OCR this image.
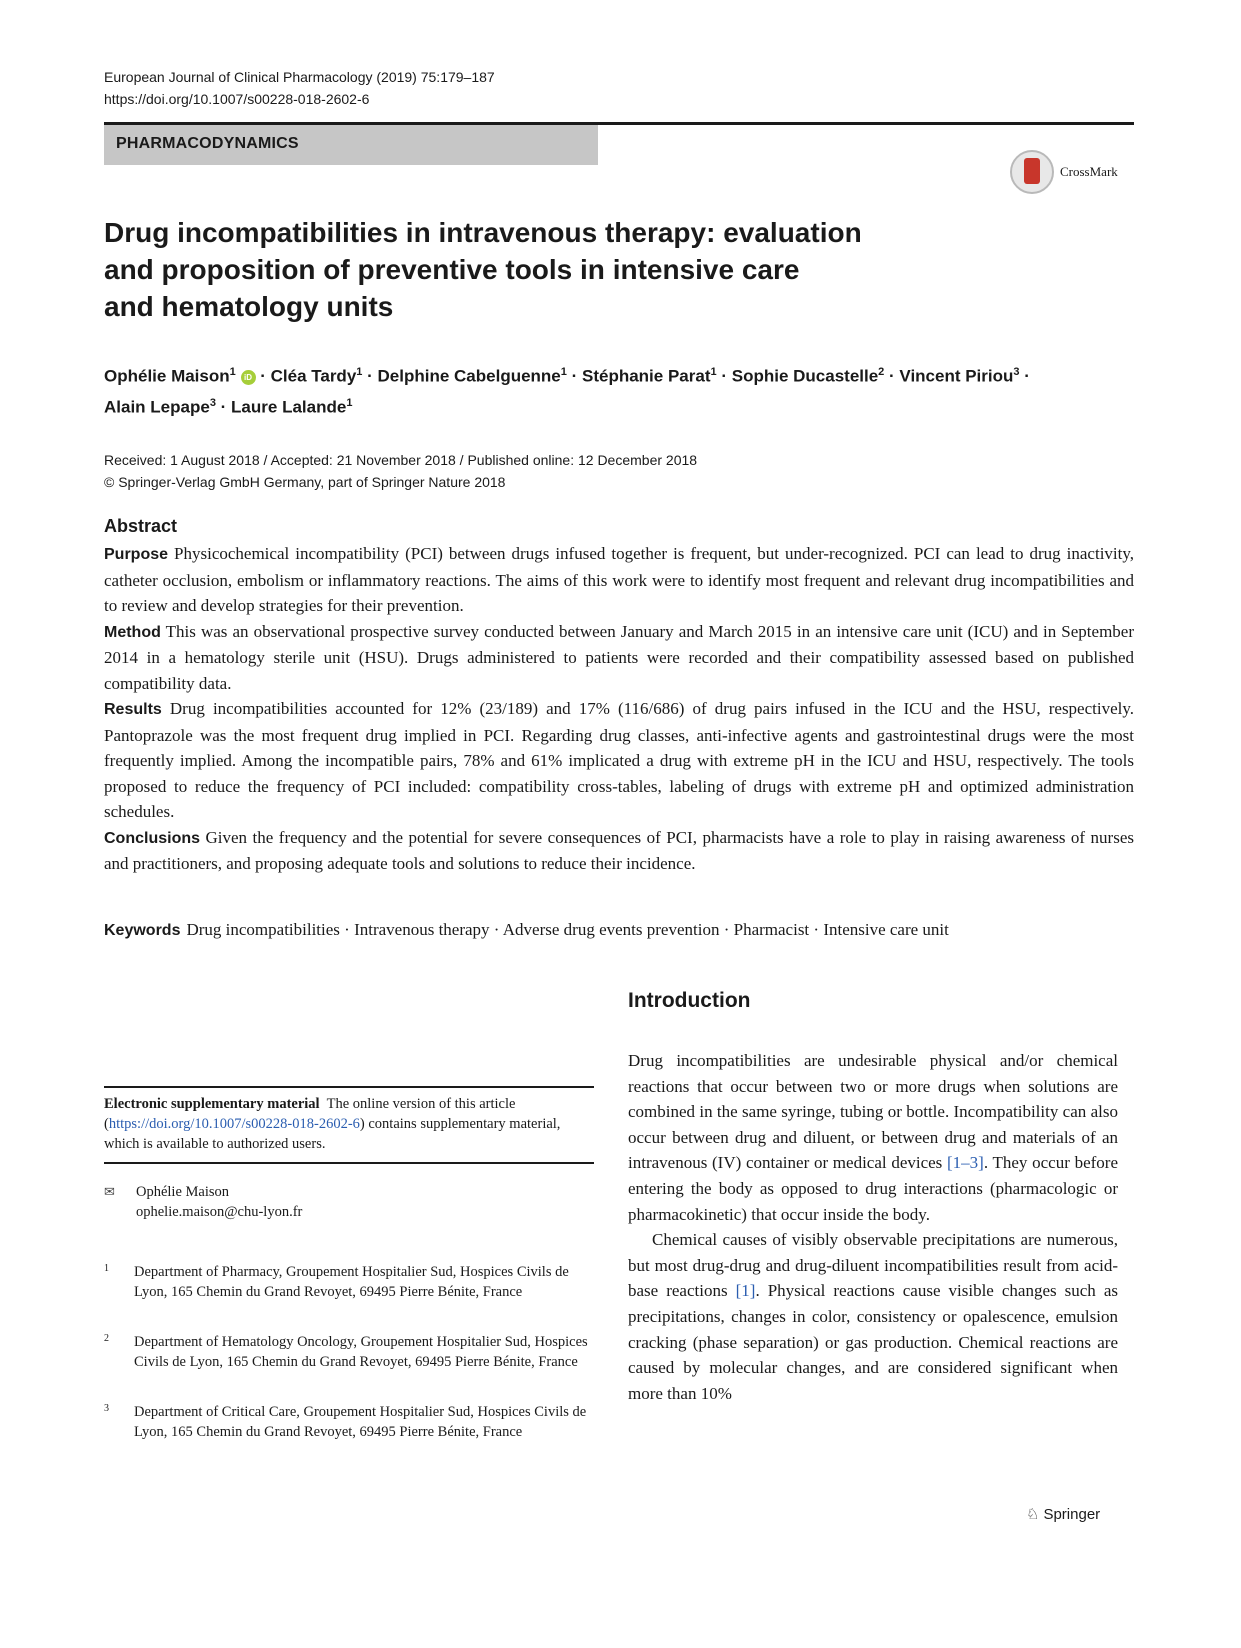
European Journal of Clinical Pharmacology (2019) 75:179–187
https://doi.org/10.1007/s00228-018-2602-6
PHARMACODYNAMICS
CrossMark
Drug incompatibilities in intravenous therapy: evaluation
and proposition of preventive tools in intensive care
and hematology units
Ophélie Maison$^1$ iD · Cléa Tardy$^1$ · Delphine Cabelguenne$^1$ · Stéphanie Parat$^1$ · Sophie Ducastelle$^2$ · Vincent Piriou$^3$ ·
Alain Lepape$^3$ · Laure Lalande$^1$
Received: 1 August 2018 / Accepted: 21 November 2018 / Published online: 12 December 2018
© Springer-Verlag GmbH Germany, part of Springer Nature 2018
Abstract

Purpose Physicochemical incompatibility (PCI) between drugs infused together is frequent, but under-recognized. PCI can lead to drug inactivity, catheter occlusion, embolism or inflammatory reactions. The aims of this work were to identify most frequent and relevant drug incompatibilities and to review and develop strategies for their prevention.

Method This was an observational prospective survey conducted between January and March 2015 in an intensive care unit (ICU) and in September 2014 in a hematology sterile unit (HSU). Drugs administered to patients were recorded and their compatibility assessed based on published compatibility data.

Results Drug incompatibilities accounted for 12% (23/189) and 17% (116/686) of drug pairs infused in the ICU and the HSU, respectively. Pantoprazole was the most frequent drug implied in PCI. Regarding drug classes, anti-infective agents and gastrointestinal drugs were the most frequently implied. Among the incompatible pairs, 78% and 61% implicated a drug with extreme pH in the ICU and HSU, respectively. The tools proposed to reduce the frequency of PCI included: compatibility cross-tables, labeling of drugs with extreme pH and optimized administration schedules.

Conclusions Given the frequency and the potential for severe consequences of PCI, pharmacists have a role to play in raising awareness of nurses and practitioners, and proposing adequate tools and solutions to reduce their incidence.

Keywords Drug incompatibilities · Intravenous therapy · Adverse drug events prevention · Pharmacist · Intensive care unit
Electronic supplementary material The online version of this article (https://doi.org/10.1007/s00228-018-2602-6) contains supplementary material, which is available to authorized users.
✉	Ophélie Maison
ophelie.maison@chu-lyon.fr
1	Department of Pharmacy, Groupement Hospitalier Sud, Hospices Civils de Lyon, 165 Chemin du Grand Revoyet, 69495 Pierre Bénite, France
2	Department of Hematology Oncology, Groupement Hospitalier Sud, Hospices Civils de Lyon, 165 Chemin du Grand Revoyet, 69495 Pierre Bénite, France
3	Department of Critical Care, Groupement Hospitalier Sud, Hospices Civils de Lyon, 165 Chemin du Grand Revoyet, 69495 Pierre Bénite, France
Introduction

Drug incompatibilities are undesirable physical and/or chemical reactions that occur between two or more drugs when solutions are combined in the same syringe, tubing or bottle. Incompatibility can also occur between drug and diluent, or between drug and materials of an intravenous (IV) container or medical devices [1–3]. They occur before entering the body as opposed to drug interactions (pharmacologic or pharmacokinetic) that occur inside the body.

Chemical causes of visibly observable precipitations are numerous, but most drug-drug and drug-diluent incompatibilities result from acid-base reactions [1]. Physical reactions cause visible changes such as precipitations, changes in color, consistency or opalescence, emulsion cracking (phase separation) or gas production. Chemical reactions are caused by molecular changes, and are considered significant when more than 10%

♘ Springer
